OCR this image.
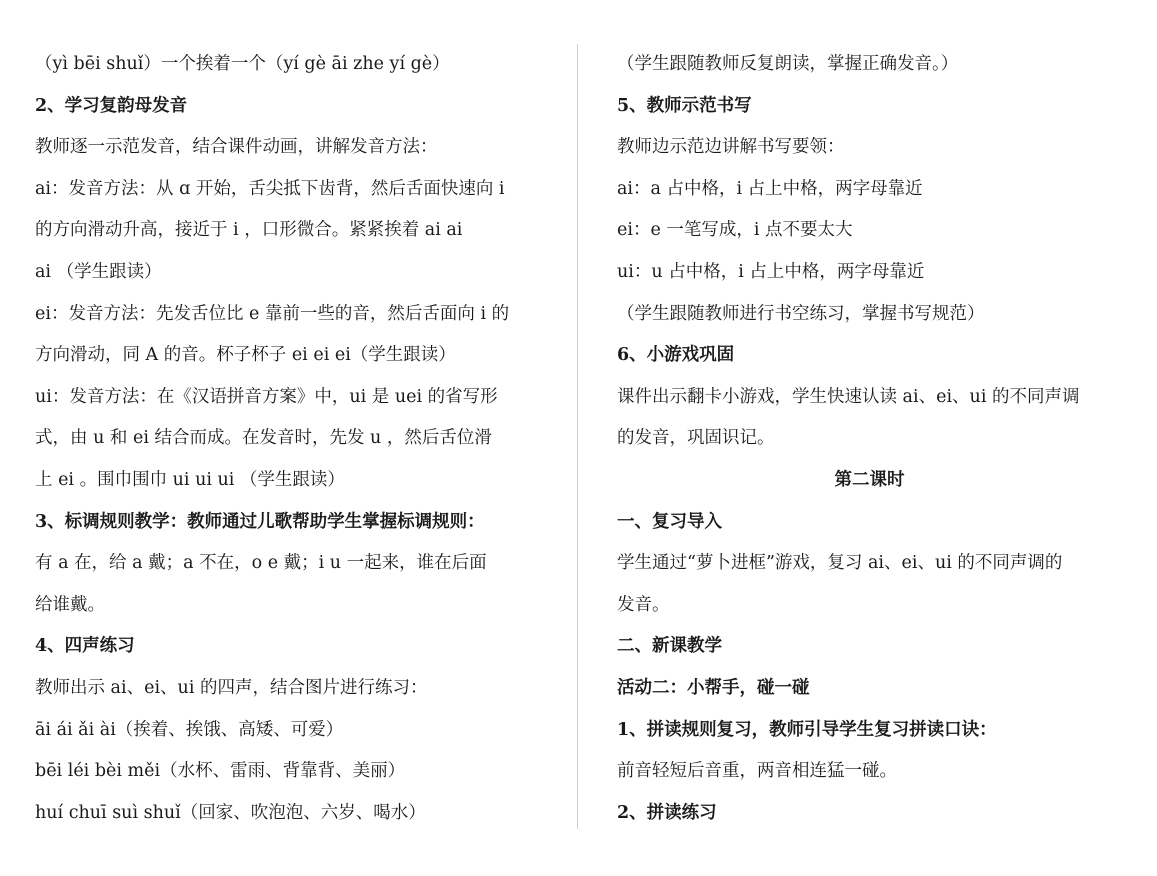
（yì bēi shuǐ）一个挨着一个（yí gè āi zhe yí gè）
2、学习复韵母发音
教师逐一示范发音，结合课件动画，讲解发音方法：
ai：发音方法：从 ɑ 开始，舌尖抵下齿背，然后舌面快速向 i
的方向滑动升高，接近于 i ，口形微合。紧紧挨着 ai ai
ai （学生跟读）
ei：发音方法：先发舌位比 e 靠前一些的音，然后舌面向 i 的
方向滑动，同 A 的音。杯子杯子 ei ei ei（学生跟读）
ui：发音方法：在《汉语拼音方案》中，ui 是 uei 的省写形
式，由 u 和 ei 结合而成。在发音时，先发 u ，然后舌位滑
上 ei 。围巾围巾 ui ui ui （学生跟读）
3、标调规则教学：教师通过儿歌帮助学生掌握标调规则：
有 a 在，给 a 戴；a 不在，o e 戴；i u 一起来，谁在后面
给谁戴。
4、四声练习
教师出示 ai、ei、ui 的四声，结合图片进行练习：
āi ái ǎi ài（挨着、挨饿、高矮、可爱）
bēi léi bèi měi（水杯、雷雨、背靠背、美丽）
huí chuī suì shuǐ（回家、吹泡泡、六岁、喝水）
（学生跟随教师反复朗读，掌握正确发音。）
5、教师示范书写
教师边示范边讲解书写要领：
ai：a 占中格，i 占上中格，两字母靠近
ei：e 一笔写成，i 点不要太大
ui：u 占中格，i 占上中格，两字母靠近
（学生跟随教师进行书空练习，掌握书写规范）
6、小游戏巩固
课件出示翻卡小游戏，学生快速认读 ai、ei、ui 的不同声调
的发音，巩固识记。
第二课时
一、复习导入
学生通过“萝卜进框”游戏，复习 ai、ei、ui 的不同声调的
发音。
二、新课教学
活动二：小帮手，碰一碰
1、拼读规则复习，教师引导学生复习拼读口诀：
前音轻短后音重，两音相连猛一碰。
2、拼读练习
